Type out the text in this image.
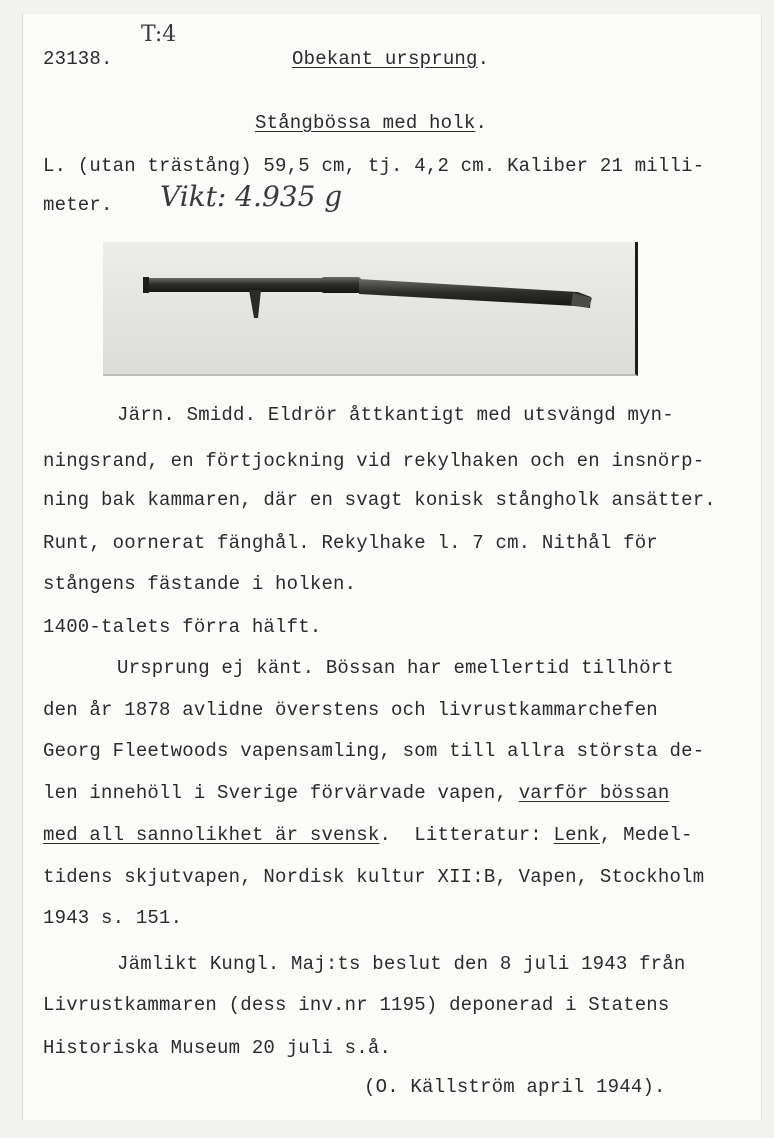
23138.
T:4
Obekant ursprung.
Stångbössa med holk.
L. (utan trästång) 59,5 cm, tj. 4,2 cm. Kaliber 21 milli-
meter. Vikt: 4.935 g
Järn. Smidd. Eldrör åttkantigt med utsvängd myn-
ningsrand, en förtjockning vid rekylhaken och en insnörp-
ning bak kammaren, där en svagt konisk stångholk ansätter.
Runt, oornerat fänghål. Rekylhake l. 7 cm. Nithål för
stångens fästande i holken.
1400-talets förra hälft.
Ursprung ej känt. Bössan har emellertid tillhört
den år 1878 avlidne överstens och livrustkammarchefen
Georg Fleetwoods vapensamling, som till allra största de-
len innehöll i Sverige förvärvade vapen, varför bössan
med all sannolikhet är svensk.  Litteratur: Lenk, Medel-
tidens skjutvapen, Nordisk kultur XII:B, Vapen, Stockholm
1943 s. 151.
Jämlikt Kungl. Maj:ts beslut den 8 juli 1943 från
Livrustkammaren (dess inv.nr 1195) deponerad i Statens
Historiska Museum 20 juli s.å.
(O. Källström april 1944).
